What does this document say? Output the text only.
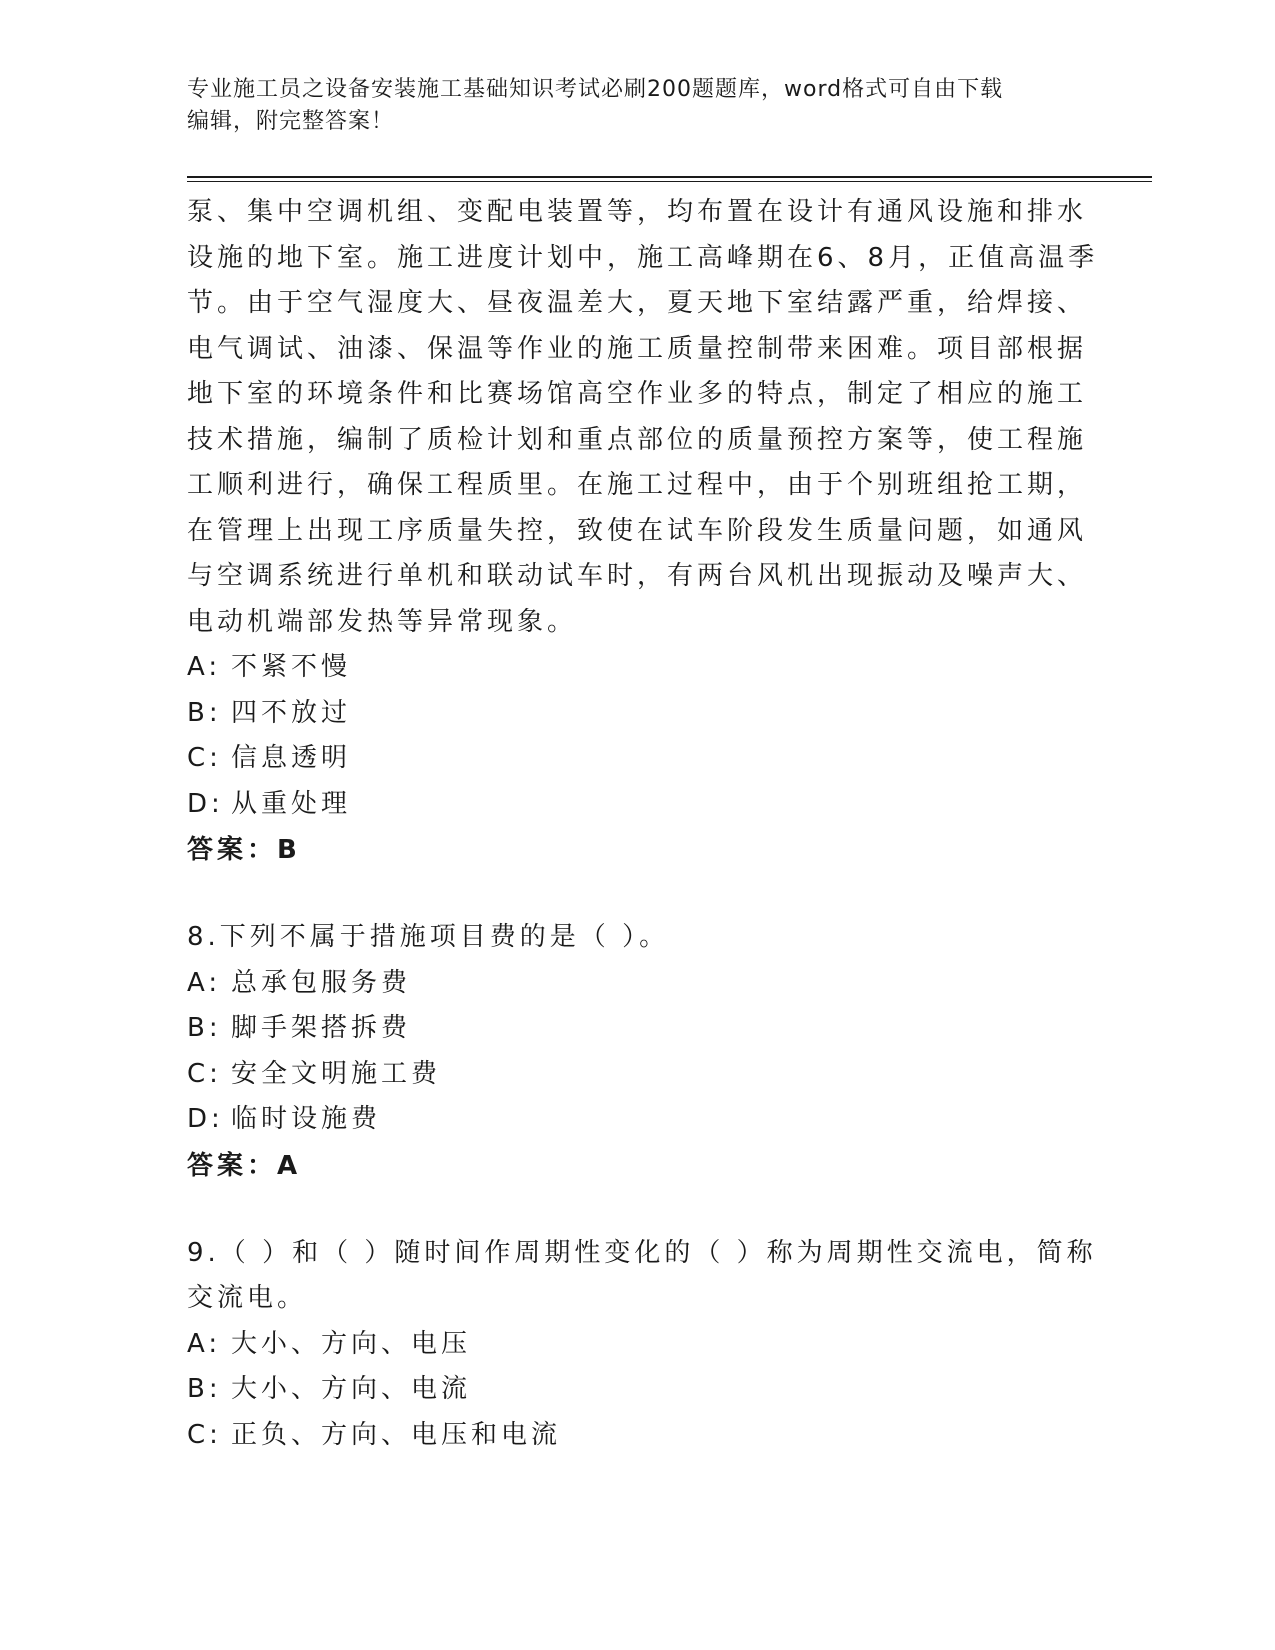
专业施工员之设备安装施工基础知识考试必刷200题题库，word格式可自由下载
编辑，附完整答案！
泵、集中空调机组、变配电装置等，均布置在设计有通风设施和排水
设施的地下室。施工进度计划中，施工高峰期在6、8月，正值高温季
节。由于空气湿度大、昼夜温差大，夏天地下室结露严重，给焊接、
电气调试、油漆、保温等作业的施工质量控制带来困难。项目部根据
地下室的环境条件和比赛场馆高空作业多的特点，制定了相应的施工
技术措施，编制了质检计划和重点部位的质量预控方案等，使工程施
工顺利进行，确保工程质里。在施工过程中，由于个别班组抢工期，
在管理上出现工序质量失控，致使在试车阶段发生质量问题，如通风
与空调系统进行单机和联动试车时，有两台风机出现振动及噪声大、
电动机端部发热等异常现象。
A: 不紧不慢
B: 四不放过
C: 信息透明
D: 从重处理
答案：B
8.下列不属于措施项目费的是（ ）。
A: 总承包服务费
B: 脚手架搭拆费
C: 安全文明施工费
D: 临时设施费
答案：A
9.（ ）和（ ）随时间作周期性变化的（ ）称为周期性交流电，简称
交流电。
A: 大小、方向、电压
B: 大小、方向、电流
C: 正负、方向、电压和电流
